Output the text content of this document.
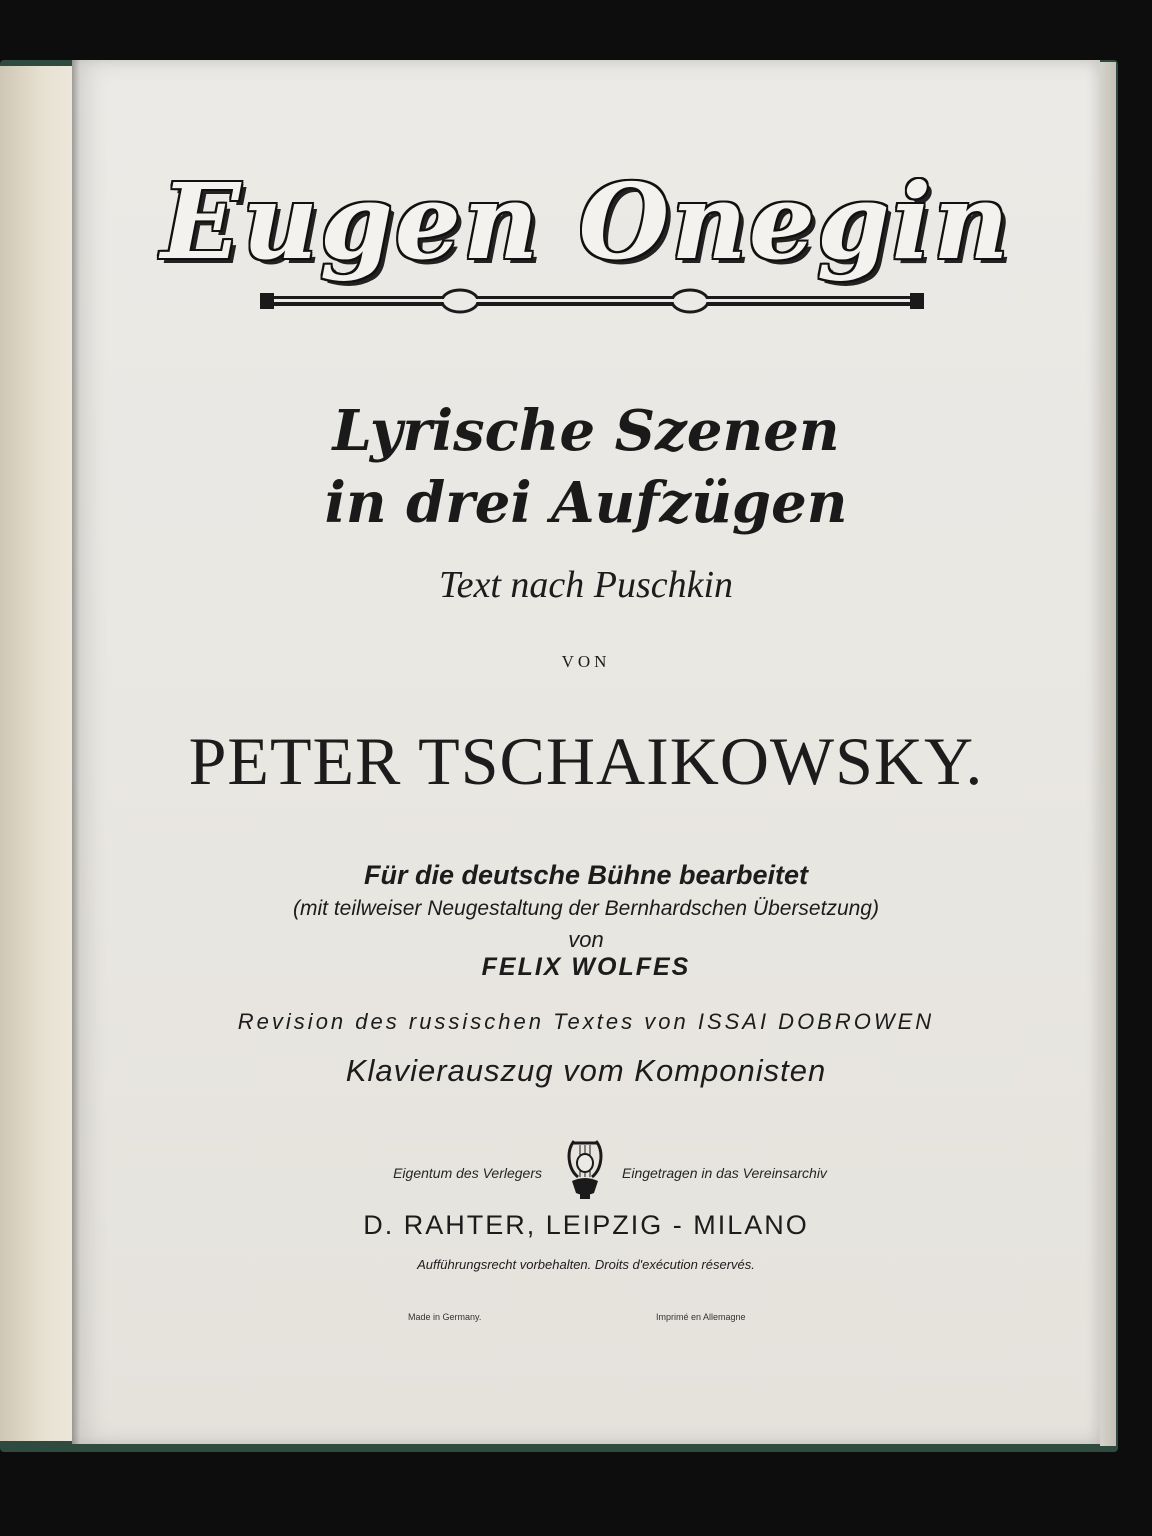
Eugen Onegin
Lyrische Szenen
in drei Aufzügen
Text nach Puschkin
VON
PETER TSCHAIKOWSKY.
Für die deutsche Bühne bearbeitet
(mit teilweiser Neugestaltung der Bernhardschen Übersetzung)
von
FELIX WOLFES
Revision des russischen Textes von ISSAI DOBROWEN
Klavierauszug vom Komponisten
Eigentum des Verlegers	Eingetragen in das Vereinsarchiv
D. RAHTER, LEIPZIG - MILANO
Aufführungsrecht vorbehalten. Droits d'exécution réservés.
Made in Germany.	Imprimé en Allemagne
